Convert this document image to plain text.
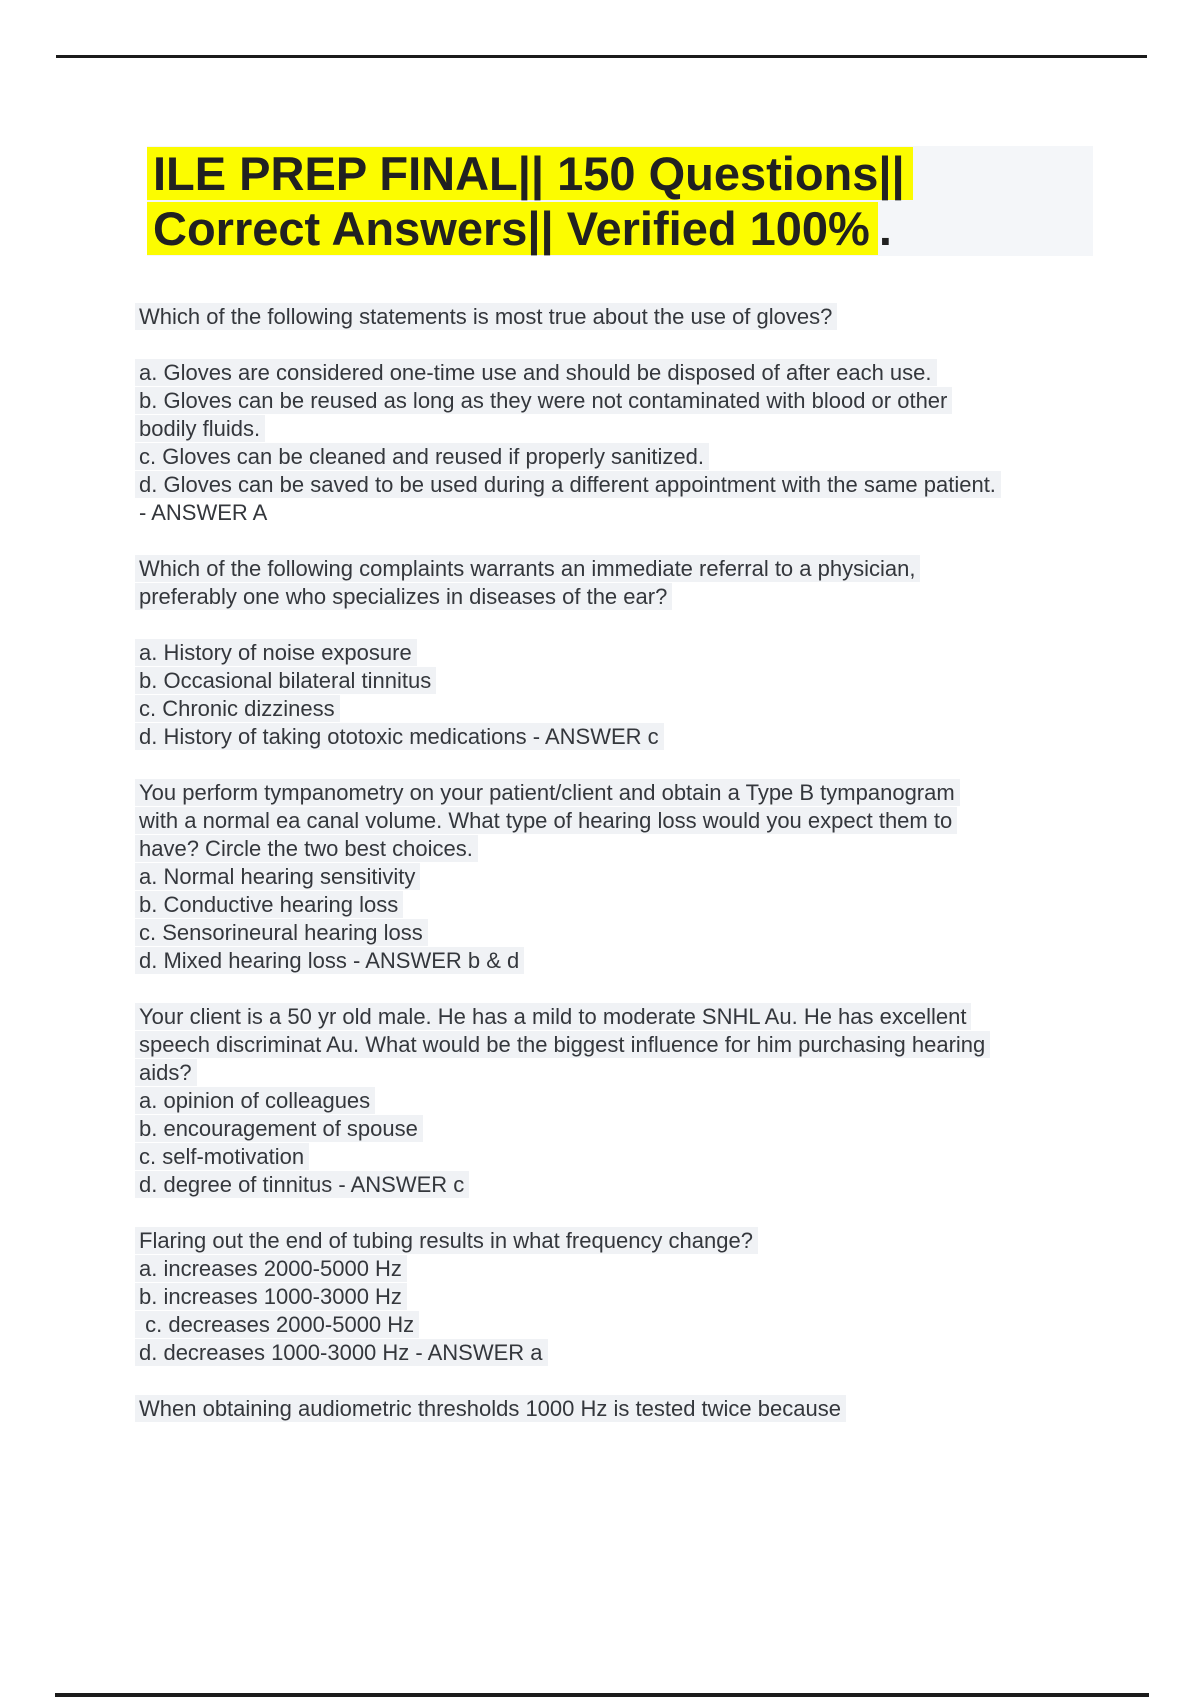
ILE PREP FINAL|| 150 Questions||
Correct Answers|| Verified 100% .
Which of the following statements is most true about the use of gloves?
a. Gloves are considered one-time use and should be disposed of after each use.
b. Gloves can be reused as long as they were not contaminated with blood or other
bodily fluids.
c. Gloves can be cleaned and reused if properly sanitized.
d. Gloves can be saved to be used during a different appointment with the same patient.
- ANSWER A
Which of the following complaints warrants an immediate referral to a physician,
preferably one who specializes in diseases of the ear?
a. History of noise exposure
b. Occasional bilateral tinnitus
c. Chronic dizziness
d. History of taking ototoxic medications - ANSWER c
You perform tympanometry on your patient/client and obtain a Type B tympanogram
with a normal ea canal volume. What type of hearing loss would you expect them to
have? Circle the two best choices.
a. Normal hearing sensitivity
b. Conductive hearing loss
c. Sensorineural hearing loss
d. Mixed hearing loss - ANSWER b & d
Your client is a 50 yr old male. He has a mild to moderate SNHL Au. He has excellent
speech discriminat Au. What would be the biggest influence for him purchasing hearing
aids?
a. opinion of colleagues
b. encouragement of spouse
c. self-motivation
d. degree of tinnitus - ANSWER c
Flaring out the end of tubing results in what frequency change?
a. increases 2000-5000 Hz
b. increases 1000-3000 Hz
c. decreases 2000-5000 Hz
d. decreases 1000-3000 Hz - ANSWER a
When obtaining audiometric thresholds 1000 Hz is tested twice because
